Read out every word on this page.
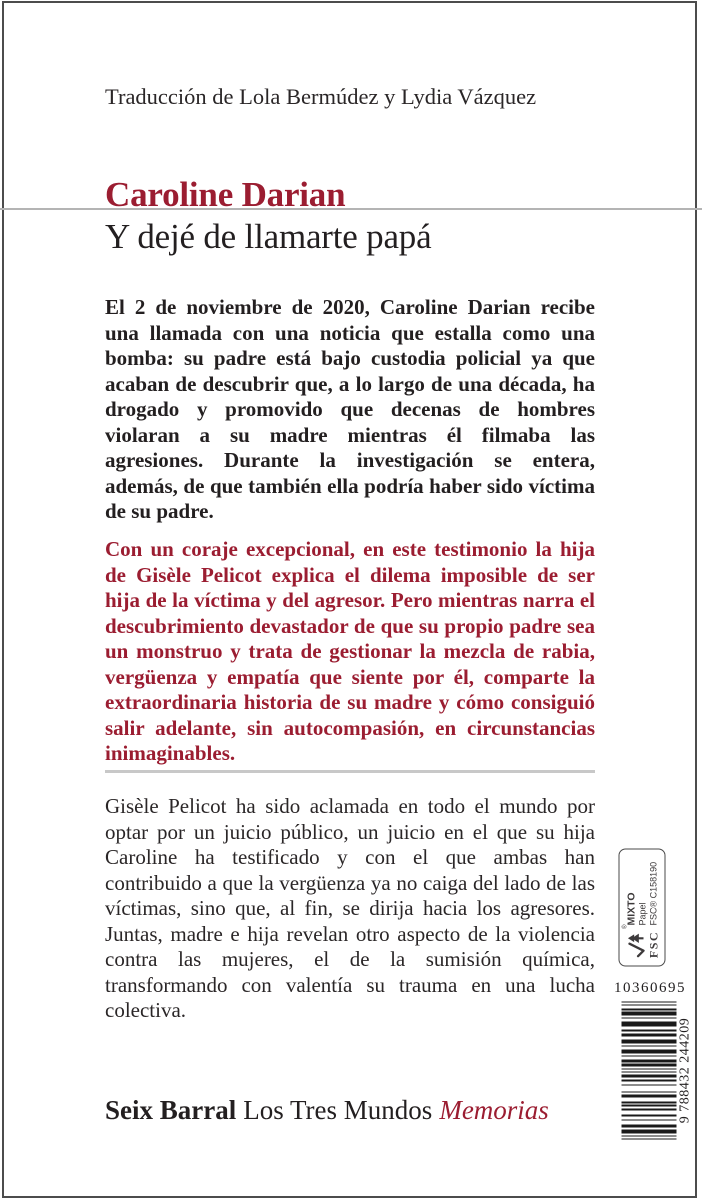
Traducción de Lola Bermúdez y Lydia Vázquez
Caroline Darian
Y dejé de llamarte papá

El 2 de noviembre de 2020, Caroline Darian recibe una llamada con una noticia que estalla como una bomba: su padre está bajo custodia policial ya que acaban de descubrir que, a lo largo de una década, ha drogado y promovido que decenas de hombres violaran a su madre mientras él filmaba las agresiones. Durante la investigación se entera, además, de que también ella podría haber sido víctima de su padre.

Con un coraje excepcional, en este testimonio la hija de Gisèle Pelicot explica el dilema imposible de ser hija de la víctima y del agresor. Pero mientras narra el descubrimiento devastador de que su propio padre sea un monstruo y trata de gestionar la mezcla de rabia, vergüenza y empatía que siente por él, comparte la extraordinaria historia de su madre y cómo consiguió salir adelante, sin autocompasión, en circunstancias inimaginables.

Gisèle Pelicot ha sido aclamada en todo el mundo por optar por un juicio público, un juicio en el que su hija Caroline ha testificado y con el que ambas han contribuido a que la vergüenza ya no caiga del lado de las víctimas, sino que, al fin, se dirija hacia los agresores. Juntas, madre e hija revelan otro aspecto de la violencia contra las mujeres, el de la sumisión química, transformando con valentía su trauma en una lucha colectiva.

Seix Barral Los Tres Mundos Memorias
®
FSC
MIXTO Papel FSC® C158190
10360695
9 788432 244209
